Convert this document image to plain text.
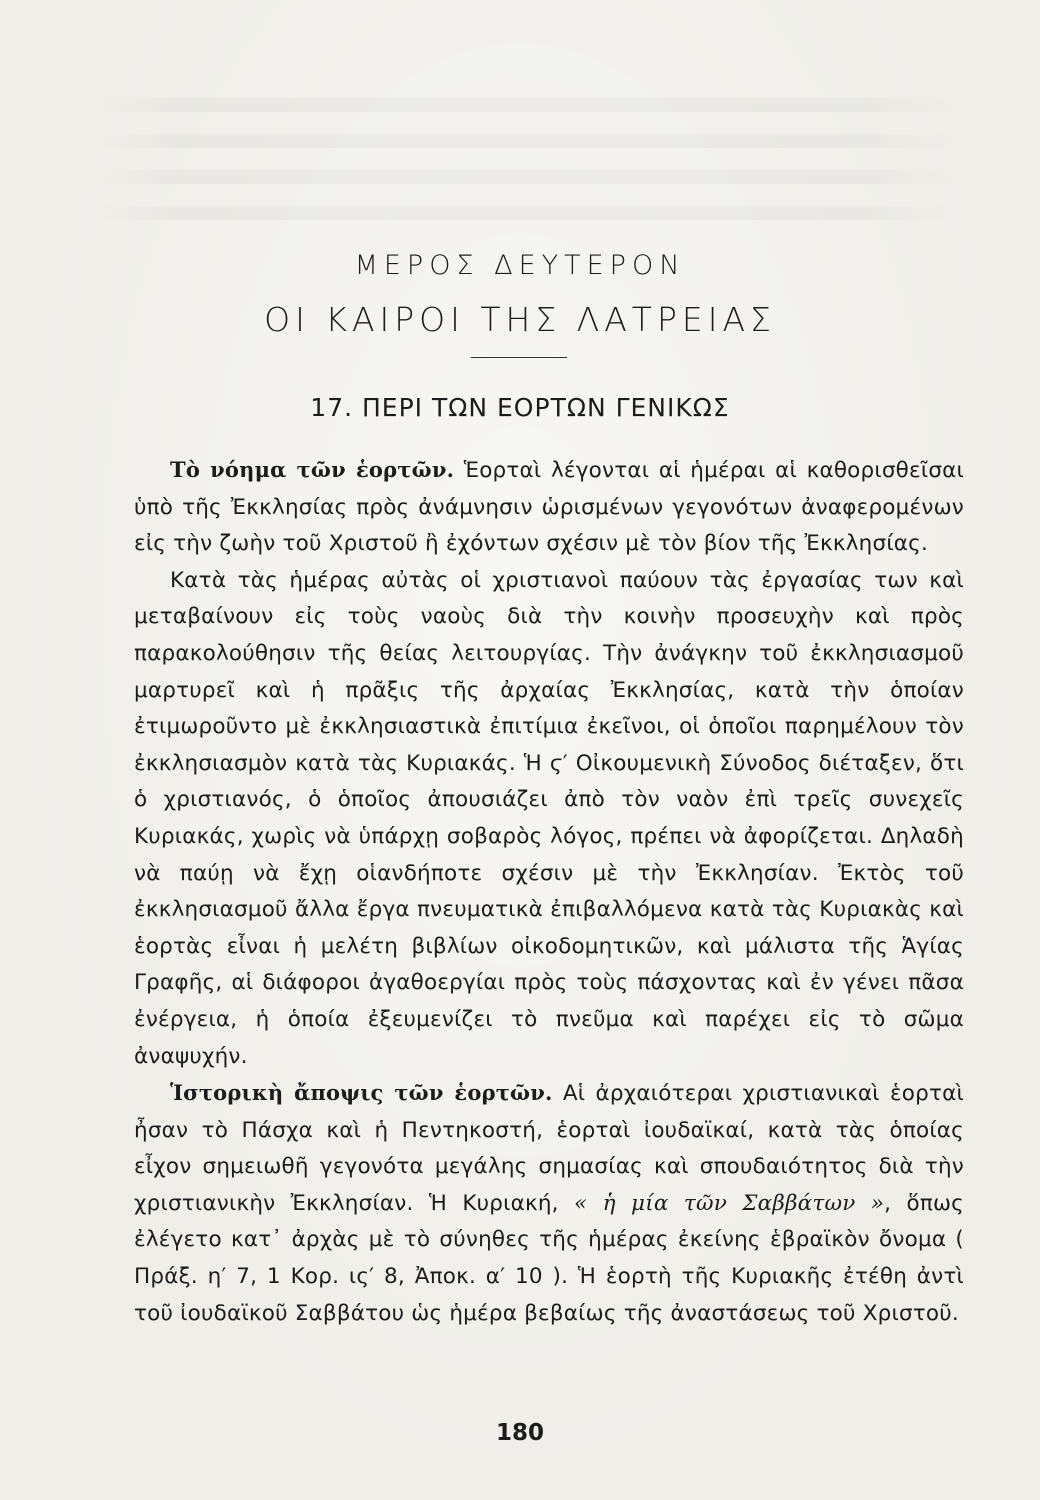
ΜΕΡΟΣ ΔΕΥΤΕΡΟΝ
ΟΙ ΚΑΙΡΟΙ ΤΗΣ ΛΑΤΡΕΙΑΣ
17. ΠΕΡΙ ΤΩΝ ΕΟΡΤΩΝ ΓΕΝΙΚΩΣ

Τὸ νόημα τῶν ἑορτῶν. Ἑορταὶ λέγονται αἱ ἡμέραι αἱ καθορισθεῖσαι ὑπὸ τῆς Ἐκκλησίας πρὸς ἀνάμνησιν ὡρισμένων γεγονότων ἀναφερομένων εἰς τὴν ζωὴν τοῦ Χριστοῦ ἢ ἐχόντων σχέσιν μὲ τὸν βίον τῆς Ἐκκλησίας.

Κατὰ τὰς ἡμέρας αὐτὰς οἱ χριστιανοὶ παύουν τὰς ἐργασίας των καὶ μεταβαίνουν εἰς τοὺς ναοὺς διὰ τὴν κοινὴν προσευχὴν καὶ πρὸς παρακολούθησιν τῆς θείας λειτουργίας. Τὴν ἀνάγκην τοῦ ἐκκλησιασμοῦ μαρτυρεῖ καὶ ἡ πρᾶξις τῆς ἀρχαίας Ἐκκλησίας, κατὰ τὴν ὁποίαν ἐτιμωροῦντο μὲ ἐκκλησιαστικὰ ἐπιτίμια ἐκεῖνοι, οἱ ὁποῖοι παρημέλουν τὸν ἐκκλησιασμὸν κατὰ τὰς Κυριακάς. Ἡ ϛ′ Οἰκουμενικὴ Σύνοδος διέταξεν, ὅτι ὁ χριστιανός, ὁ ὁποῖος ἀπουσιάζει ἀπὸ τὸν ναὸν ἐπὶ τρεῖς συνεχεῖς Κυριακάς, χωρὶς νὰ ὑπάρχῃ σοβαρὸς λόγος, πρέπει νὰ ἀφορίζεται. Δηλαδὴ νὰ παύῃ νὰ ἔχῃ οἱανδήποτε σχέσιν μὲ τὴν Ἐκκλησίαν. Ἐκτὸς τοῦ ἐκκλησιασμοῦ ἄλλα ἔργα πνευματικὰ ἐπιβαλλόμενα κατὰ τὰς Κυριακὰς καὶ ἑορτὰς εἶναι ἡ μελέτη βιβλίων οἰκοδομητικῶν, καὶ μάλιστα τῆς Ἁγίας Γραφῆς, αἱ διάφοροι ἀγαθοεργίαι πρὸς τοὺς πάσχοντας καὶ ἐν γένει πᾶσα ἐνέργεια, ἡ ὁποία ἐξευμενίζει τὸ πνεῦμα καὶ παρέχει εἰς τὸ σῶμα ἀναψυχήν.

Ἱστορικὴ ἄποψις τῶν ἑορτῶν. Αἱ ἀρχαιότεραι χριστιανικαὶ ἑορταὶ ἦσαν τὸ Πάσχα καὶ ἡ Πεντηκοστή, ἑορταὶ ἰουδαϊκαί, κατὰ τὰς ὁποίας εἶχον σημειωθῆ γεγονότα μεγάλης σημασίας καὶ σπουδαιότητος διὰ τὴν χριστιανικὴν Ἐκκλησίαν. Ἡ Κυριακή, « ἡ μία τῶν Σαββάτων », ὅπως ἐλέγετο κατ᾽ ἀρχὰς μὲ τὸ σύνηθες τῆς ἡμέρας ἐκείνης ἑβραϊκὸν ὄνομα ( Πράξ. η′ 7, 1 Κορ. ις′ 8, Ἀποκ. α′ 10 ). Ἡ ἑορτὴ τῆς Κυριακῆς ἐτέθη ἀντὶ τοῦ ἰουδαϊκοῦ Σαββάτου ὡς ἡμέρα βεβαίως τῆς ἀναστάσεως τοῦ Χριστοῦ.

180
